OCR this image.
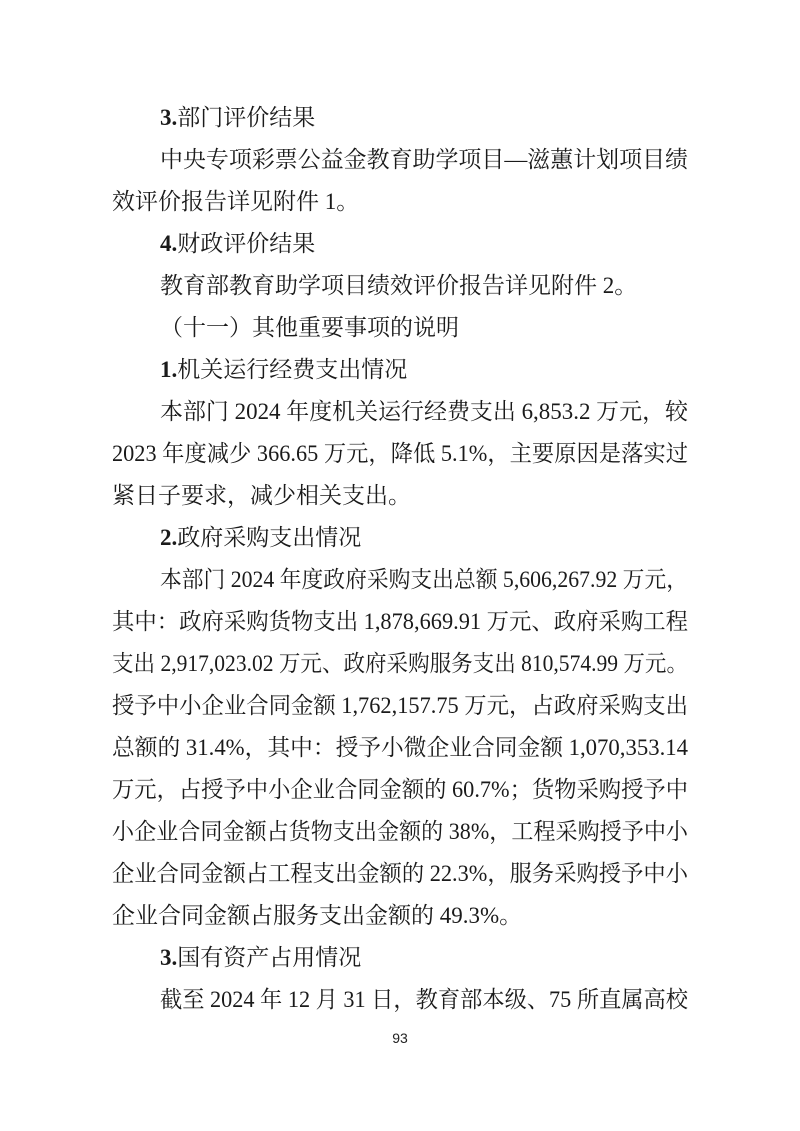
3.部门评价结果
中央专项彩票公益金教育助学项目—滋蕙计划项目绩
效评价报告详见附件 1。
4.财政评价结果
教育部教育助学项目绩效评价报告详见附件 2。
（十一）其他重要事项的说明
1.机关运行经费支出情况
本部门 2024 年度机关运行经费支出 6,853.2 万元，较
2023 年度减少 366.65 万元，降低 5.1%，主要原因是落实过
紧日子要求，减少相关支出。
2.政府采购支出情况
本部门 2024 年度政府采购支出总额 5,606,267.92 万元，
其中：政府采购货物支出 1,878,669.91 万元、政府采购工程
支出 2,917,023.02 万元、政府采购服务支出 810,574.99 万元。
授予中小企业合同金额 1,762,157.75 万元，占政府采购支出
总额的 31.4%，其中：授予小微企业合同金额 1,070,353.14
万元，占授予中小企业合同金额的 60.7%；货物采购授予中
小企业合同金额占货物支出金额的 38%，工程采购授予中小
企业合同金额占工程支出金额的 22.3%，服务采购授予中小
企业合同金额占服务支出金额的 49.3%。
3.国有资产占用情况
截至 2024 年 12 月 31 日，教育部本级、75 所直属高校
93
